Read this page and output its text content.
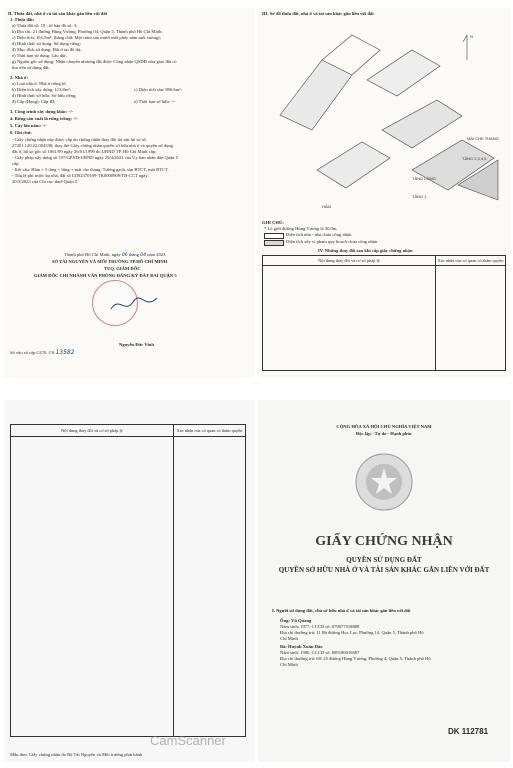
II. Thửa đất, nhà ở và tài sản khác gắn liền với đất
1. Thửa đất:
a) Thửa đất số: 19 ; tờ bản đồ số: 3;
b) Địa chỉ: 21 đường Hùng Vương, Phường 04, Quận 5, Thành phố Hồ Chí Minh;
c) Diện tích: 161,5m², (bằng chữ: Một trăm sáu mươi mốt phẩy năm mét vuông);
d) Hình thức sử dụng: Sử dụng riêng;
đ) Mục đích sử dụng: Đất ở tại đô thị;
e) Thời hạn sử dụng: Lâu dài;
g) Nguồn gốc sử dụng: Nhận chuyển nhượng đất được Công nhận QSDĐ như giao đất có
thu tiền sử dụng đất;
2. Nhà ở:
a) Loại nhà ở: Nhà ở riêng lẻ;
b) Diện tích xây dựng: 113,8m²;
d) Hình thức sở hữu: Sở hữu riêng;
đ) Cấp (Hạng): Cấp III;
c) Diện tích sàn: 896,6m²;
e) Thời hạn sở hữu: -/-
3. Công trình xây dựng khác: -/-
4. Rừng sản xuất là rừng trồng: -/-
5. Cây lâu năm: -/-
6. Ghi chú:
- Giấy chứng nhận này được cấp do chứng nhận thay đổi tài sản hồ sơ số
27201.120.22.004338; thay thế Giấy chứng nhận quyền sở hữu nhà ở và quyền sử dụng
đất ở, hồ sơ gốc số 1061/99 ngày 26/01/1999 do UBND TP. Hồ Chí Minh cấp;
- Giấy phép xây dựng số 197/GPXD-UBND ngày 29/4/2021 của Ủy ban nhân dân Quận 5
cấp.
- Kết cấu: Hầm + 5 tầng + lửng + mái che thang; Tường gạch, sàn BTCT, mái BTCT.
- Thu lệ phí trước bạ nhà, đất số LTB2370109-TK0000909/TB-CCT ngày
20/3/2023 của Chi cục thuế Quận 5.
Thành phố Hồ Chí Minh, ngày 06 tháng 04 năm 2023
SỞ TÀI NGUYÊN VÀ MÔI TRƯỜNG TP.HỒ CHÍ MINH
TUQ. GIÁM ĐỐC
GIÁM ĐỐC CHI NHÁNH VĂN PHÒNG ĐĂNG KÝ ĐẤT ĐAI QUẬN 5
Nguyễn Đức Vinh
Số vào sổ cấp GCN: CS 13582
III. Sơ đồ thửa đất, nhà ở và tài sản khác gắn liền với đất
N
MÁI CHE THANG
TẦNG 2,3,4,5
TẦNG LỬNG
TẦNG 1
HẦM
GHI CHÚ:
* Lộ giới đường Hùng Vương là 30.0m.
Diện tích nhà - nhà chưa công nhận
Diện tích xây vi phạm quy hoạch chưa công nhận
IV. Những thay đổi sau khi cấp giấy chứng nhận
Nội dung thay đổi và cơ sở pháp lý	Xác nhận của cơ quan có thẩm quyền

Nội dung thay đổi và cơ sở pháp lý	Xác nhận của cơ quan có thẩm quyền

Mẫu theo Giấy chứng nhận do Bộ Tài Nguyên và Môi trường phát hành
CỘNG HÒA XÃ HỘI CHỦ NGHĨA VIỆT NAM
Độc lập - Tự do - Hạnh phúc
GIẤY CHỨNG NHẬN
QUYỀN SỬ DỤNG ĐẤT
QUYỀN SỞ HỮU NHÀ Ở VÀ TÀI SẢN KHÁC GẮN LIỀN VỚI ĐẤT
I. Người sử dụng đất, chủ sở hữu nhà ở và tài sản khác gắn liền với đất
Ông: Vũ Quang
Năm sinh: 1977, CCCD số: 079077018888
Địa chỉ thường trú: 11 Bà đường Học Lạc, Phường 14, Quận 5, Thành phố Hồ
Chí Minh
Bà: Huỳnh Xuân Đào
Năm sinh: 1980, CCCD số: 089180016687
Địa chỉ thường trú: 60/ 25 đường Hùng Vương, Phường 4, Quận 5, Thành phố Hồ
Chí Minh
DK 112781
CamScanner
